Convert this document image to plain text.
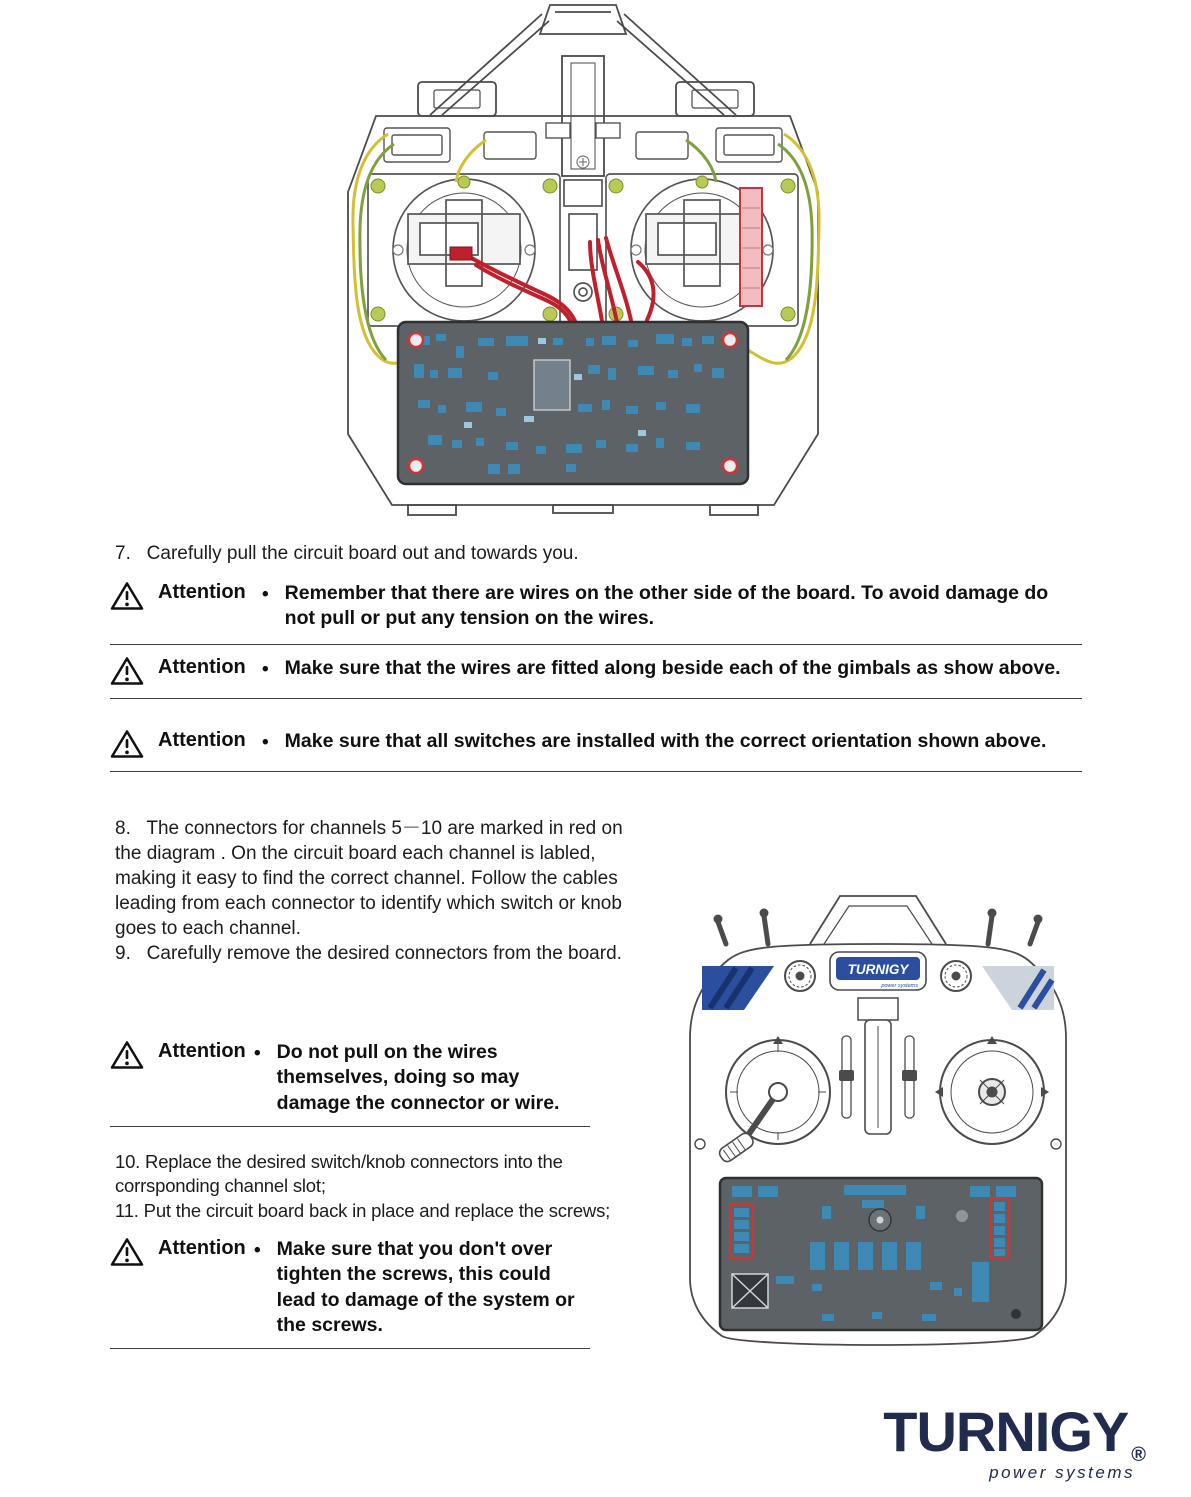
7.   Carefully pull the circuit board out and towards you.

Attention • Remember that there are wires on the other side of the board. To avoid damage do not pull or put any tension on the wires.

Attention • Make sure that the wires are fitted along beside each of the gimbals as show above.

Attention • Make sure that all switches are installed with the correct orientation shown above.

8.   The connectors for channels 5－10 are marked in red on the diagram . On the circuit board each channel is labled, making it easy to find the correct channel. Follow the cables leading from each connector to identify which switch or knob goes to each channel.

9.   Carefully remove the desired connectors from the board.

Attention • Do not pull on the wires themselves, doing so may damage the connector or wire.

10. Replace the desired switch/knob connectors into the corrsponding channel slot;

11. Put the circuit board back in place and replace the screws;

Attention • Make sure that you don't over tighten the screws, this could lead to damage of the system or the screws.

TURNIGY
power systems
TURNIGY ®
power systems
